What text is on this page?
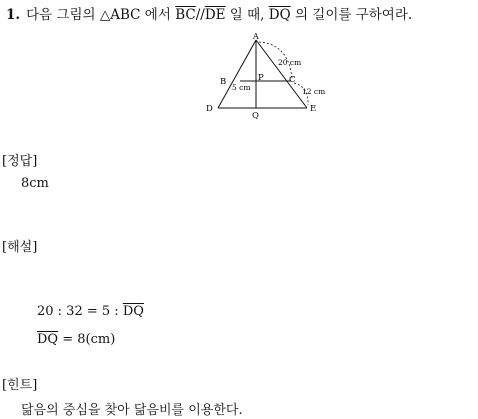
1. 다음 그림의 △ABC 에서 $\overline{BC}//\overline{DE}$ 일 때, $\overline{DQ}$ 의 길이를 구하여라.
A
B	C
D	E
P
Q
20 cm
12 cm
5 cm
[정답]
8cm
[해설]
20 : 32 = 5 : $\overline{DQ}$
$\overline{DQ} = 8(cm)$
[힌트]
닮음의 중심을 찾아 닮음비를 이용한다.
